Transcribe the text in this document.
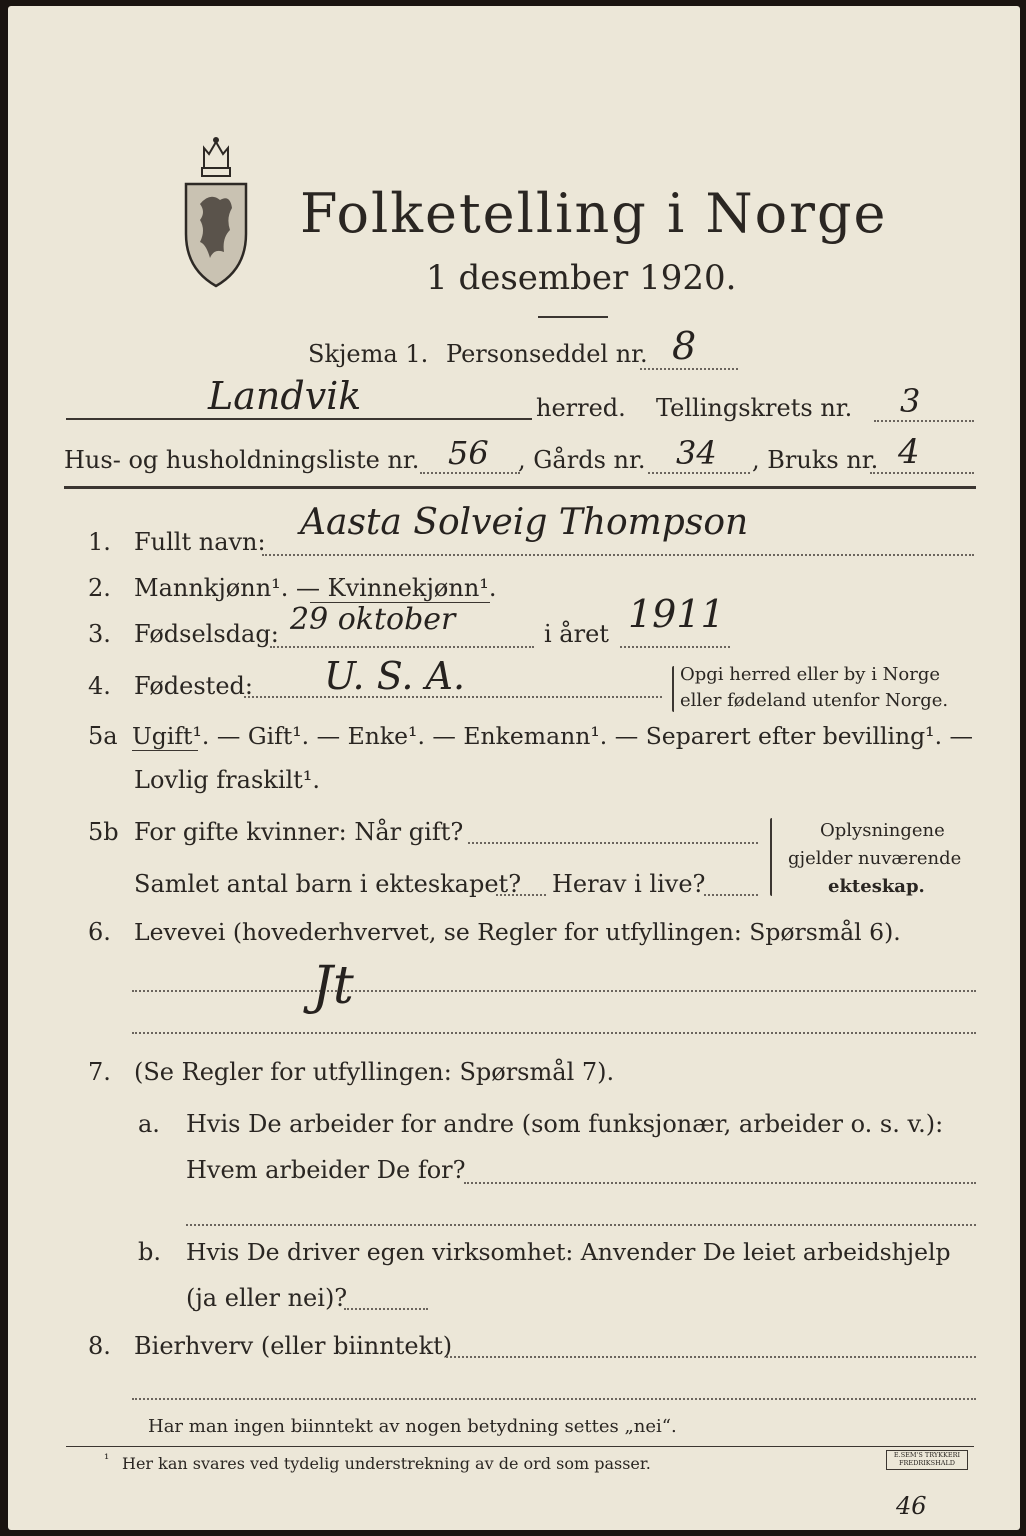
Folketelling i Norge
1 desember 1920.
Skjema 1. Personseddel nr. 8
Landvik	herred. Tellingskrets nr. 3
Hus- og husholdningsliste nr. 56 , Gårds nr. 34 , Bruks nr. 4
1. Fullt navn: Aasta Solveig Thompson
2. Mannkjønn¹. — Kvinnekjønn¹.
3. Fødselsdag: 29 oktober	i året 1911
4. Fødested: U. S. A.	Opgi herred eller by i Norge
eller fødeland utenfor Norge.
5a Ugift¹. — Gift¹. — Enke¹. — Enkemann¹. — Separert efter bevilling¹. —
Lovlig fraskilt¹.
5b For gifte kvinner: Når gift?
Samlet antal barn i ekteskapet? Herav i live?
Oplysningene
gjelder nuværende
ekteskap.
6. Levevei (hovederhvervet, se Regler for utfyllingen: Spørsmål 6).
Jt
7. (Se Regler for utfyllingen: Spørsmål 7).
a. Hvis De arbeider for andre (som funksjonær, arbeider o. s. v.):
Hvem arbeider De for?
b. Hvis De driver egen virksomhet: Anvender De leiet arbeidshjelp
(ja eller nei)?
8. Bierhverv (eller biinntekt)
Har man ingen biinntekt av nogen betydning settes „nei“.
¹ Her kan svares ved tydelig understrekning av de ord som passer.	E.SEM'S TRYKKERI FREDRIKSHALD
46
